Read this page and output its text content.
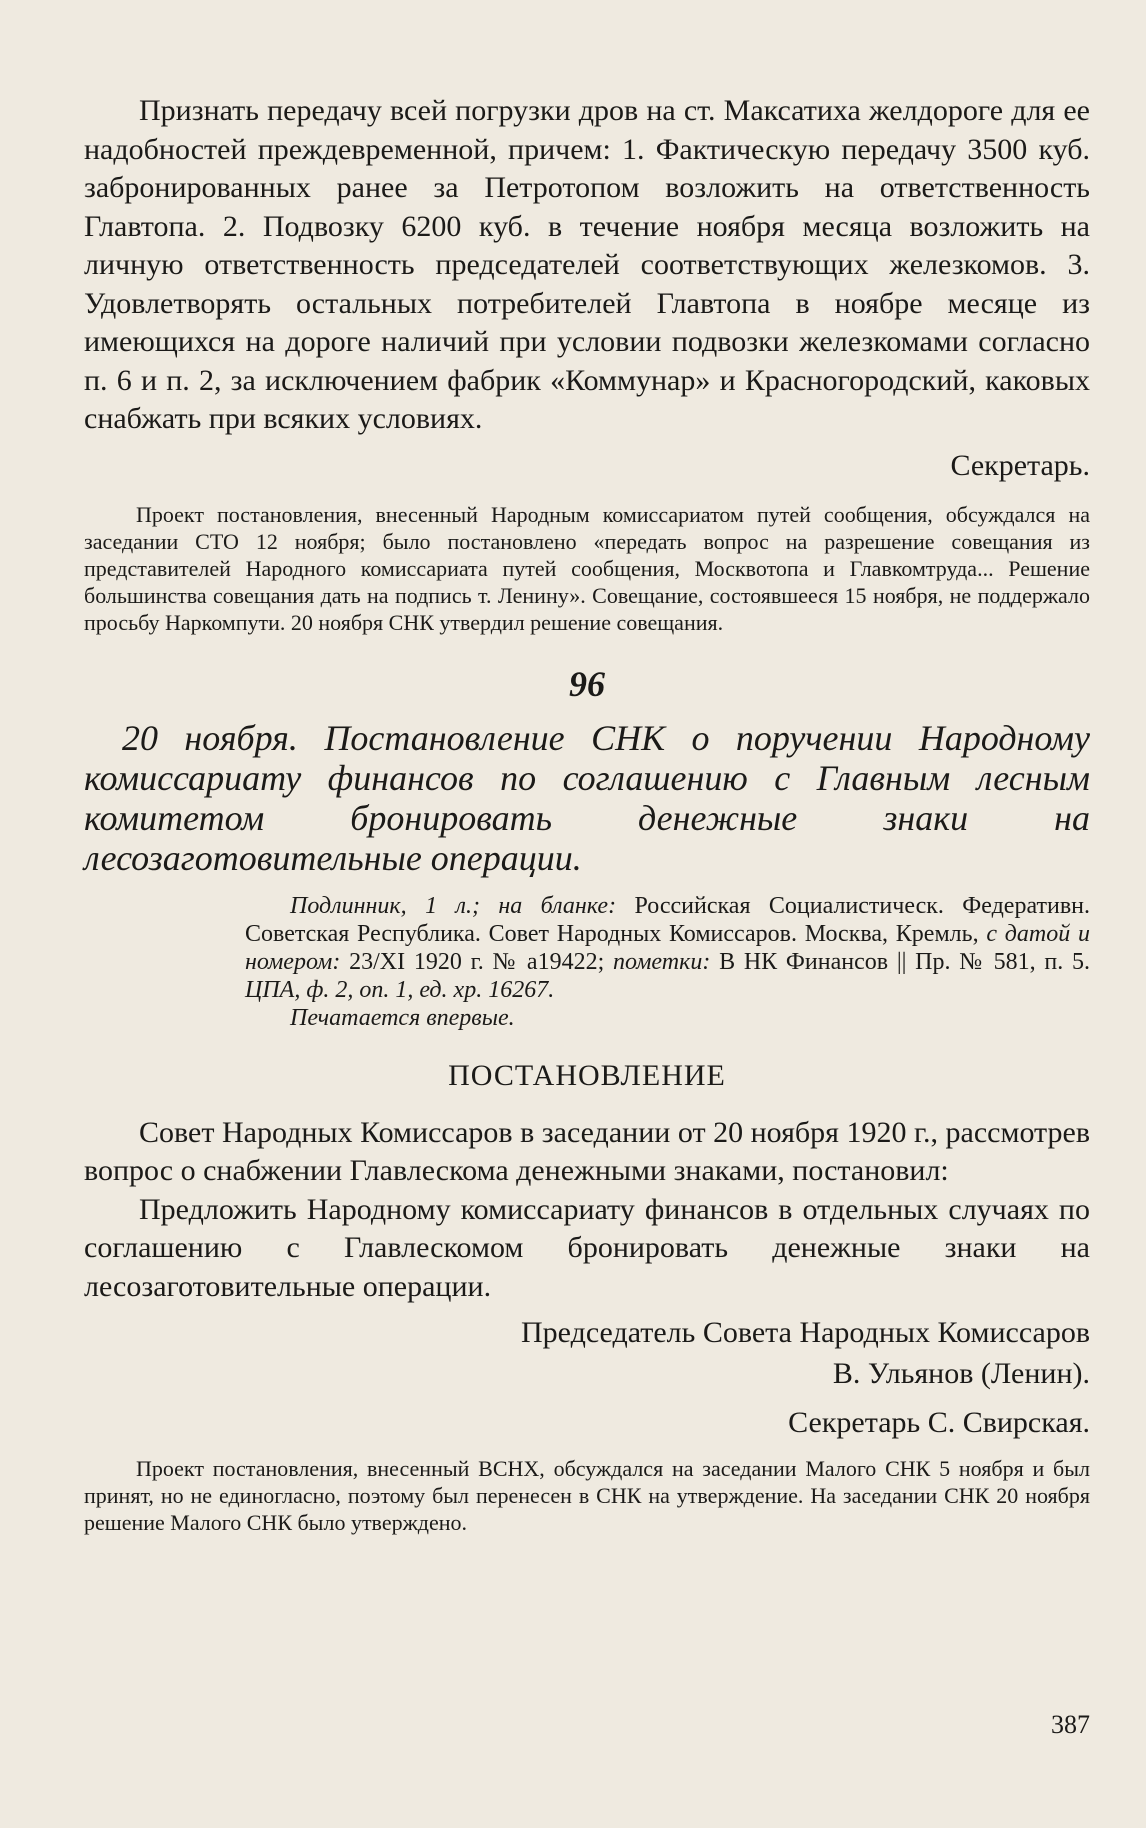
Признать передачу всей погрузки дров на ст. Максатиха желдороге для ее надобностей преждевременной, причем: 1. Фактическую передачу 3500 куб. забронированных ранее за Петротопом возложить на ответственность Главтопа. 2. Подвозку 6200 куб. в течение ноября месяца возложить на личную ответственность председателей соответствующих железкомов. 3. Удовлетворять остальных потребителей Главтопа в ноябре месяце из имеющихся на дороге наличий при условии подвозки железкомами согласно п. 6 и п. 2, за исключением фабрик «Коммунар» и Красногородский, каковых снабжать при всяких условиях.

Секретарь.

Проект постановления, внесенный Народным комиссариатом путей сообщения, обсуждался на заседании СТО 12 ноября; было постановлено «передать вопрос на разрешение совещания из представителей Народного комиссариата путей сообщения, Москвотопа и Главкомтруда... Решение большинства совещания дать на подпись т. Ленину». Совещание, состоявшееся 15 ноября, не поддержало просьбу Наркомпути. 20 ноября СНК утвердил решение совещания.

96

20 ноября. Постановление СНК о поручении Народному комиссариату финансов по соглашению с Главным лесным комитетом бронировать денежные знаки на лесозаготовительные операции.

Подлинник, 1 л.; на бланке: Российская Социалистическ. Федеративн. Советская Республика. Совет Народных Комиссаров. Москва, Кремль, с датой и номером: 23/XI 1920 г. № а19422; пометки: В НК Финансов || Пр. № 581, п. 5. ЦПА, ф. 2, оп. 1, ед. хр. 16267.

Печатается впервые.

ПОСТАНОВЛЕНИЕ

Совет Народных Комиссаров в заседании от 20 ноября 1920 г., рассмотрев вопрос о снабжении Главлескома денежными знаками, постановил:

Предложить Народному комиссариату финансов в отдельных случаях по соглашению с Главлескомом бронировать денежные знаки на лесозаготовительные операции.

Председатель Совета Народных Комиссаров

В. Ульянов (Ленин).

Секретарь С. Свирская.

Проект постановления, внесенный ВСНХ, обсуждался на заседании Малого СНК 5 ноября и был принят, но не единогласно, поэтому был перенесен в СНК на утверждение. На заседании СНК 20 ноября решение Малого СНК было утверждено.

387
